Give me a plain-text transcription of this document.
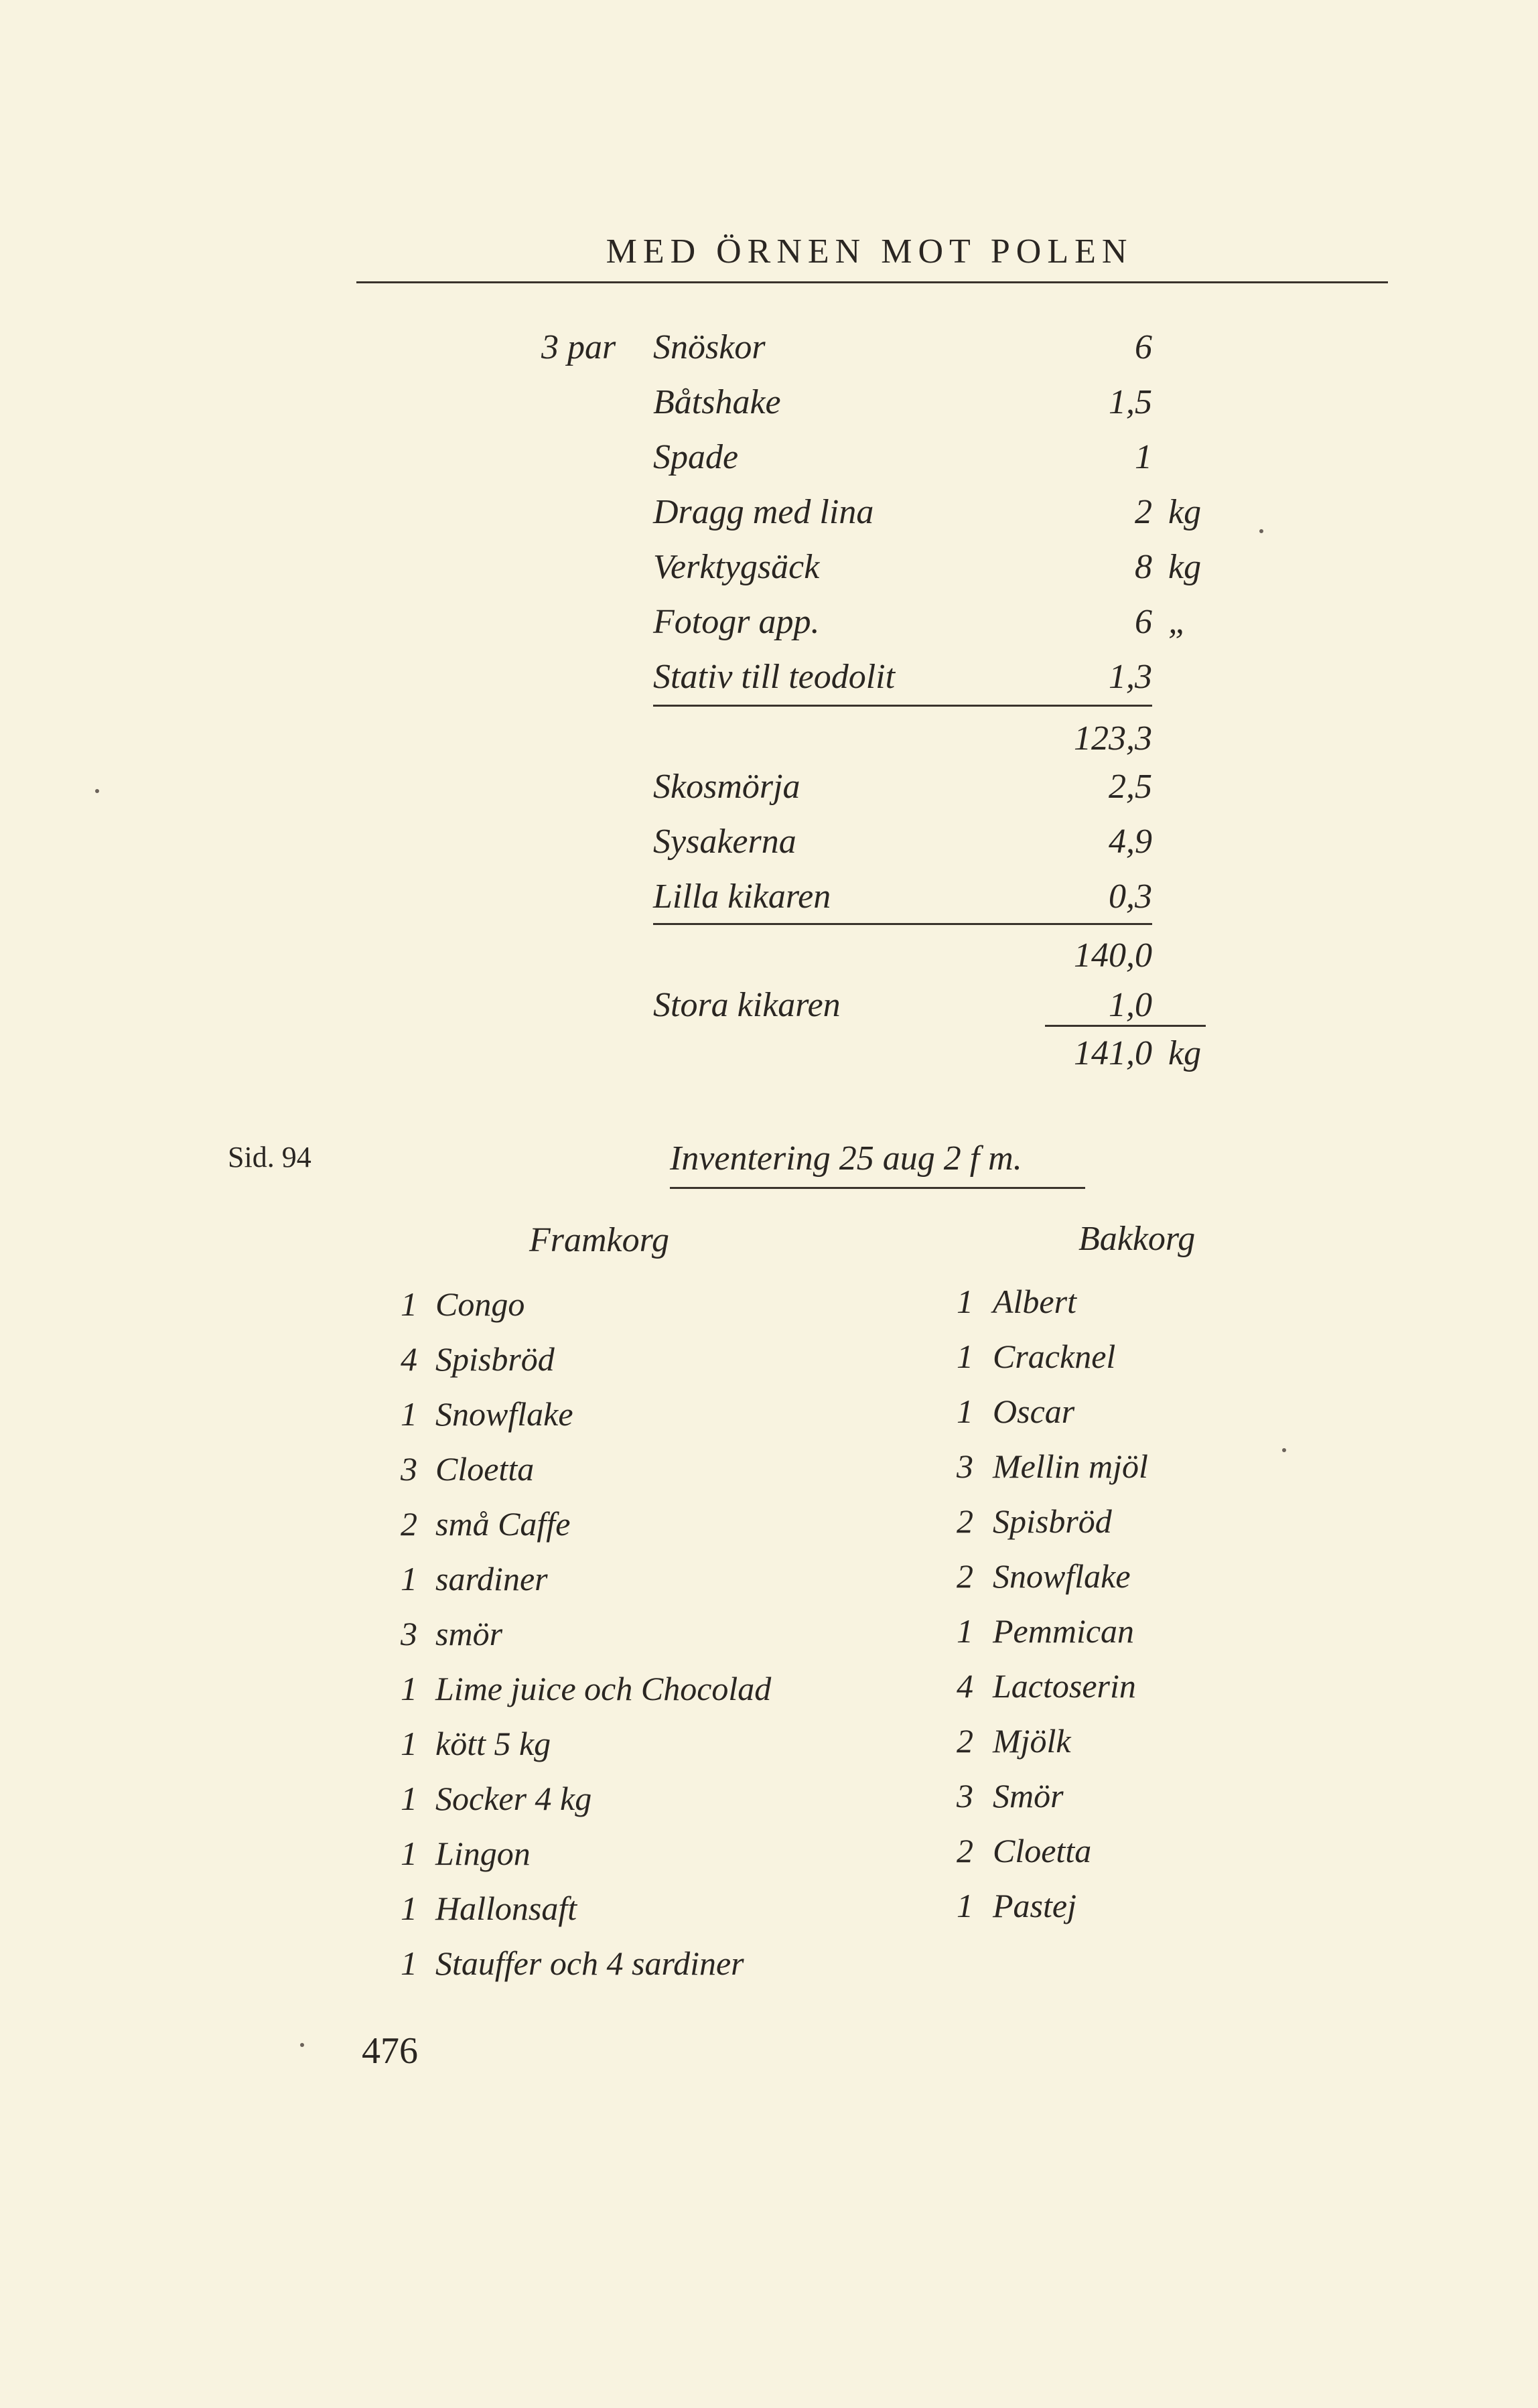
MED ÖRNEN MOT POLEN
3 par Snöskor	6
Båtshake	1,5
Spade	1
Dragg med lina	2 kg
Verktygsäck	8 kg
Fotogr app.	6 „
Stativ till teodolit	1,3
123,3
Skosmörja	2,5
Sysakerna	4,9
Lilla kikaren	0,3
140,0
Stora kikaren	1,0
141,0 kg
Sid. 94	Inventering 25 aug 2 f m.
Framkorg
1 Congo
4 Spisbröd
1 Snowflake
3 Cloetta
2 små Caffe
1 sardiner
3 smör
1 Lime juice och Chocolad
1 kött 5 kg
1 Socker 4 kg
1 Lingon
1 Hallonsaft
1 Stauffer och 4 sardiner
Bakkorg
1 Albert
1 Cracknel
1 Oscar
3 Mellin mjöl
2 Spisbröd
2 Snowflake
1 Pemmican
4 Lactoserin
2 Mjölk
3 Smör
2 Cloetta
1 Pastej
476
